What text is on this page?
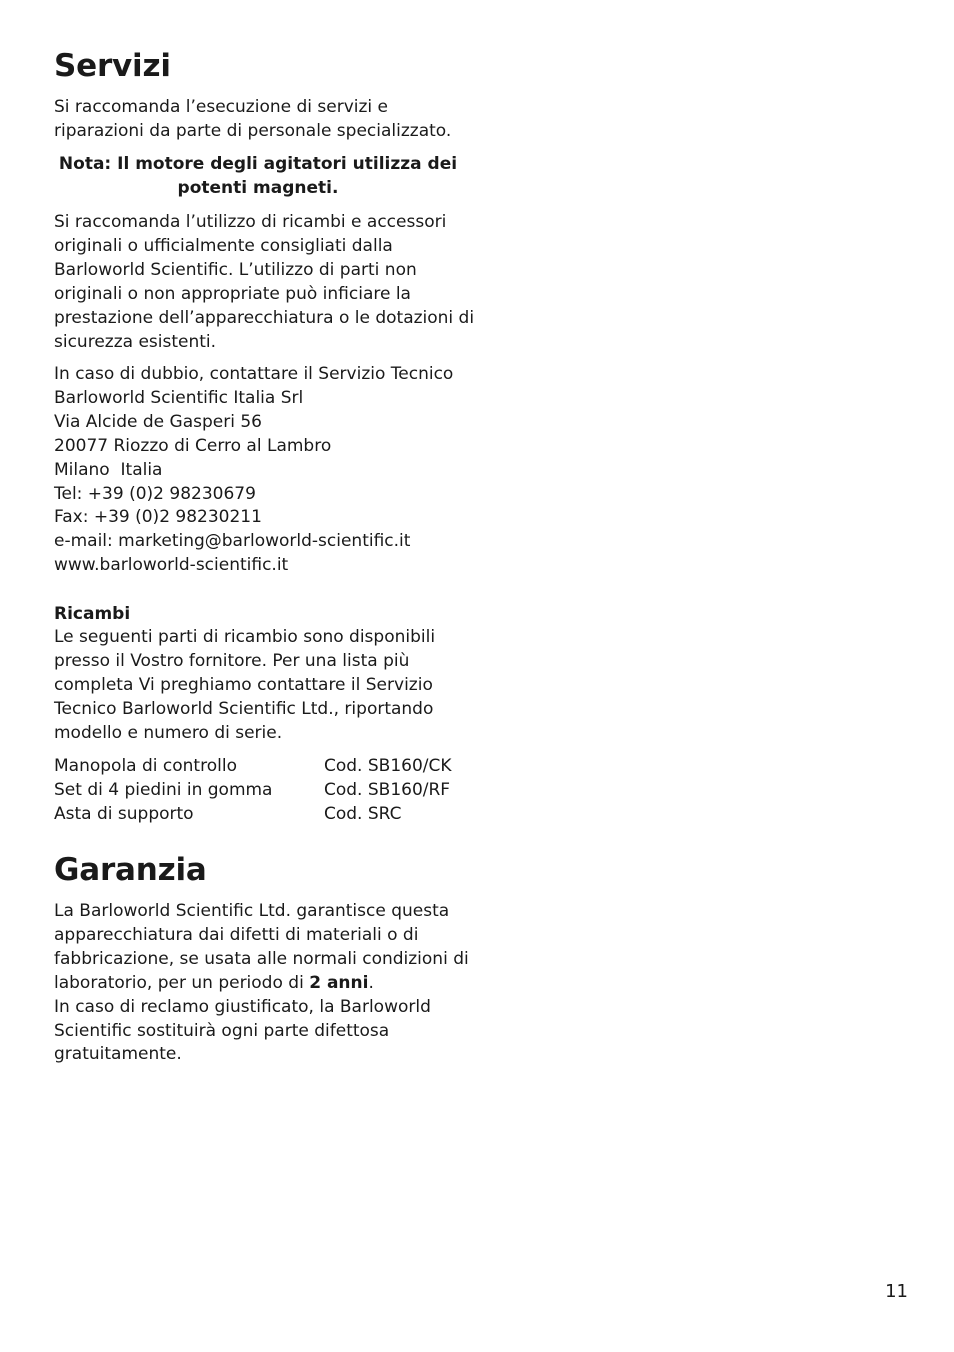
Servizi

Si raccomanda l’esecuzione di servizi e
riparazioni da parte di personale specializzato.

Nota: Il motore degli agitatori utilizza dei
potenti magneti.

Si raccomanda l’utilizzo di ricambi e accessori
originali o ufficialmente consigliati dalla
Barloworld Scientific. L’utilizzo di parti non
originali o non appropriate può inficiare la
prestazione dell’apparecchiatura o le dotazioni di
sicurezza esistenti.

In caso di dubbio, contattare il Servizio Tecnico
Barloworld Scientific Italia Srl
Via Alcide de Gasperi 56
20077 Riozzo di Cerro al Lambro
Milano  Italia
Tel: +39 (0)2 98230679
Fax: +39 (0)2 98230211
e-mail: marketing@barloworld-scientific.it
www.barloworld-scientific.it

Ricambi

Le seguenti parti di ricambio sono disponibili
presso il Vostro fornitore. Per una lista più
completa Vi preghiamo contattare il Servizio
Tecnico Barloworld Scientific Ltd., riportando
modello e numero di serie.

Manopola di controllo	Cod. SB160/CK
Set di 4 piedini in gomma	Cod. SB160/RF
Asta di supporto	Cod. SRC
Garanzia

La Barloworld Scientific Ltd. garantisce questa
apparecchiatura dai difetti di materiali o di
fabbricazione, se usata alle normali condizioni di
laboratorio, per un periodo di 2 anni.
In caso di reclamo giustificato, la Barloworld
Scientific sostituirà ogni parte difettosa
gratuitamente.

11
